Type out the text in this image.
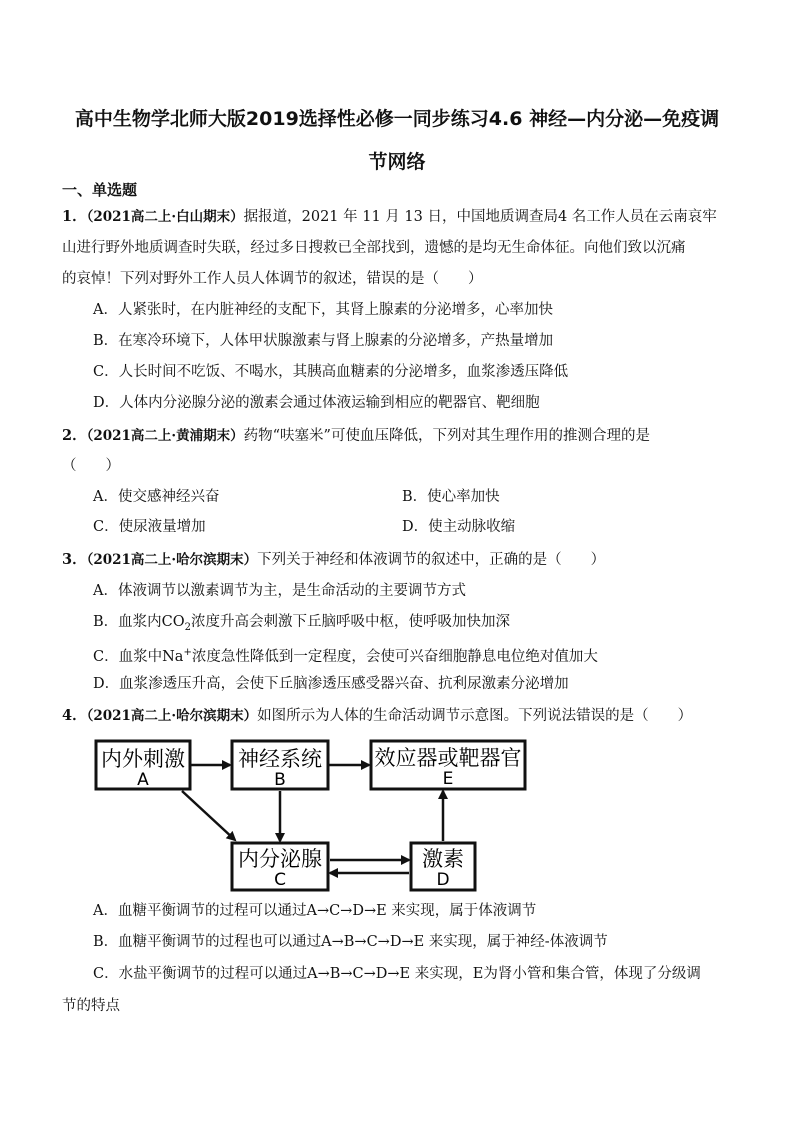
高中生物学北师大版2019选择性必修一同步练习4.6 神经—内分泌—免疫调
节网络
一、单选题
1．（2021高二上·白山期末）据报道，2021 年 11 月 13 日，中国地质调查局4 名工作人员在云南哀牢
山进行野外地质调查时失联，经过多日搜救已全部找到，遗憾的是均无生命体征。向他们致以沉痛
的哀悼！下列对野外工作人员人体调节的叙述，错误的是（　　）
A．人紧张时，在内脏神经的支配下，其肾上腺素的分泌增多，心率加快
B．在寒冷环境下，人体甲状腺激素与肾上腺素的分泌增多，产热量增加
C．人长时间不吃饭、不喝水，其胰高血糖素的分泌增多，血浆渗透压降低
D．人体内分泌腺分泌的激素会通过体液运输到相应的靶器官、靶细胞
2．（2021高二上·黄浦期末）药物“呋塞米”可使血压降低，下列对其生理作用的推测合理的是
（　　）
A．使交感神经兴奋	B．使心率加快
C．使尿液量增加	D．使主动脉收缩
3．（2021高二上·哈尔滨期末）下列关于神经和体液调节的叙述中，正确的是（　　）
A．体液调节以激素调节为主，是生命活动的主要调节方式
B．血浆内$CO_2$浓度升高会刺激下丘脑呼吸中枢，使呼吸加快加深
C．血浆中Na+浓度急性降低到一定程度，会使可兴奋细胞静息电位绝对值加大
D．血浆渗透压升高，会使下丘脑渗透压感受器兴奋、抗利尿激素分泌增加
4．（2021高二上·哈尔滨期末）如图所示为人体的生命活动调节示意图。下列说法错误的是（　　）
内外刺激
A
神经系统
B
效应器或靶器官
E
内分泌腺
C
激素
D
A．血糖平衡调节的过程可以通过A→C→D→E 来实现，属于体液调节
B．血糖平衡调节的过程也可以通过A→B→C→D→E 来实现，属于神经-体液调节
C．水盐平衡调节的过程可以通过A→B→C→D→E 来实现，E为肾小管和集合管，体现了分级调
节的特点
